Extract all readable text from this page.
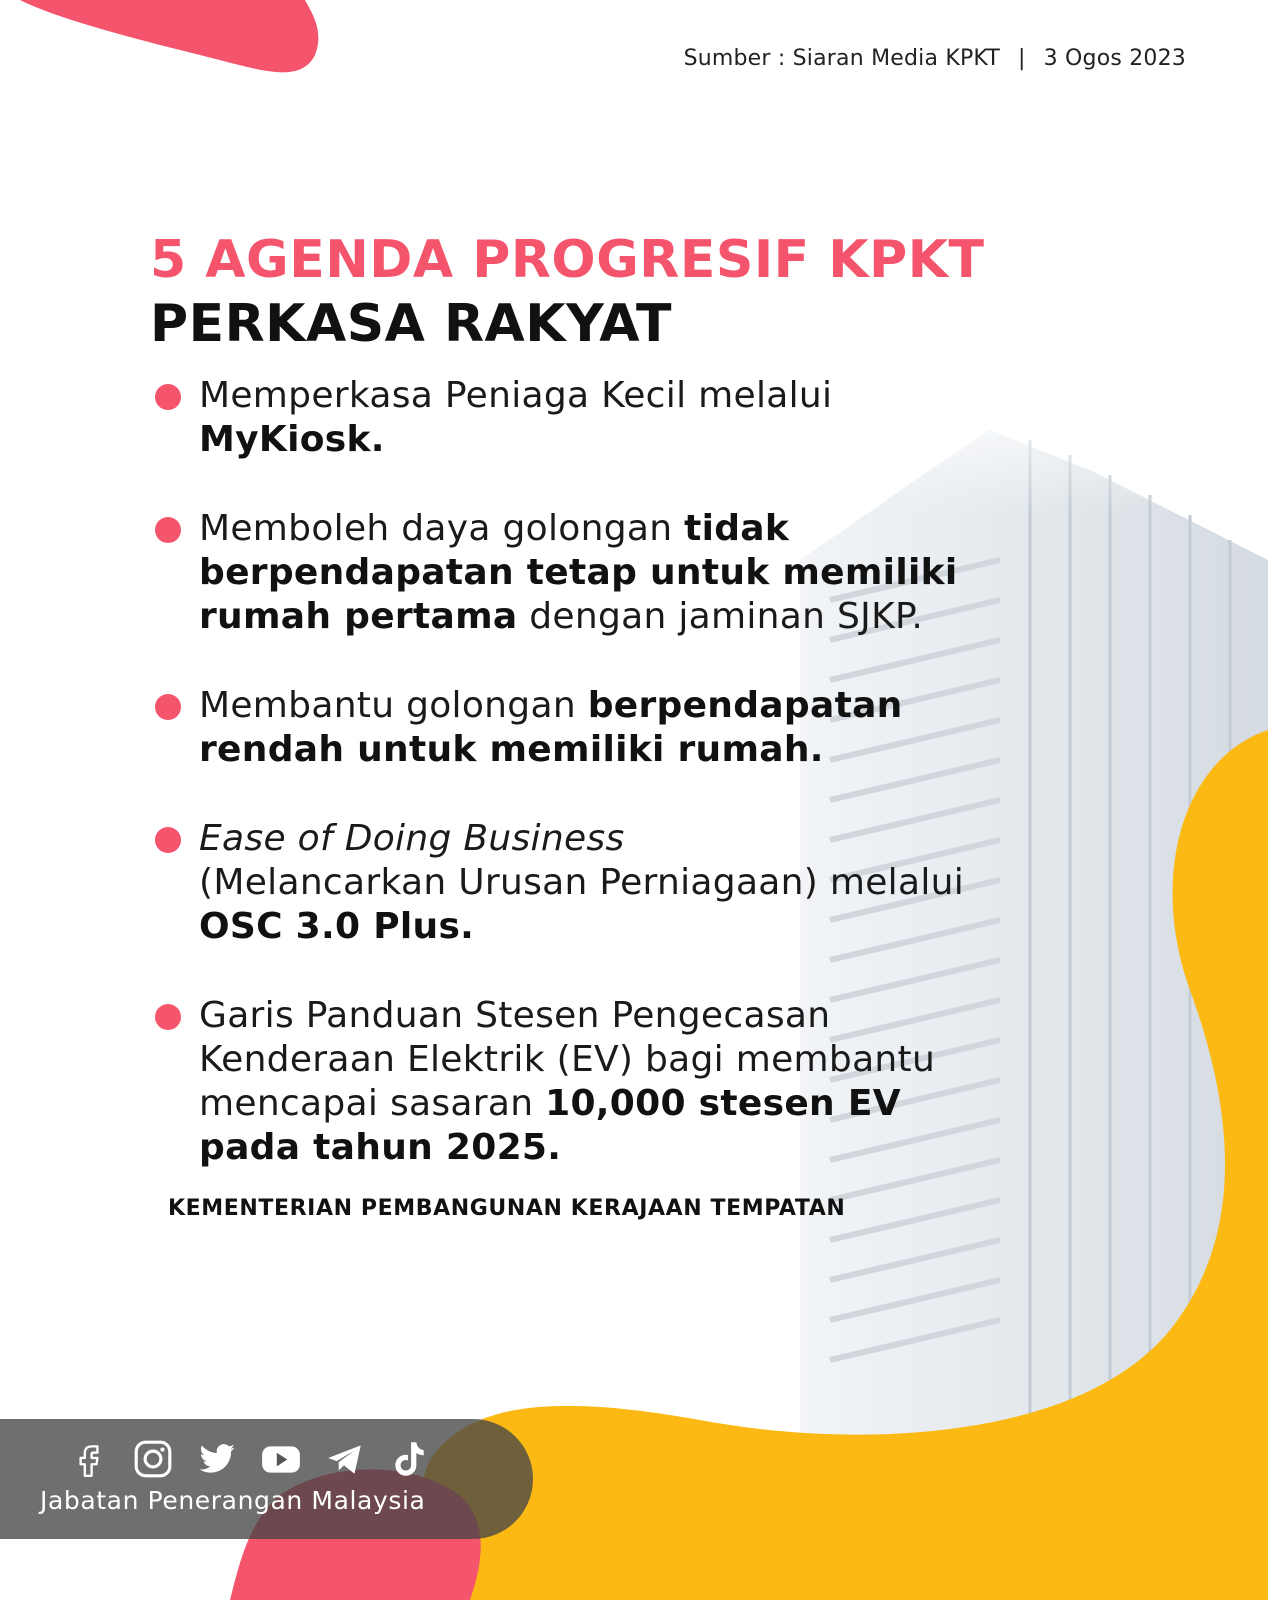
Sumber : Siaran Media KPKT | 3 Ogos 2023
5 AGENDA PROGRESIF KPKT
PERKASA RAKYAT
Memperkasa Peniaga Kecil melalui
MyKiosk.
Memboleh daya golongan tidak berpendapatan tetap untuk memiliki rumah pertama dengan jaminan SJKP.
Membantu golongan berpendapatan rendah untuk memiliki rumah.
Ease of Doing Business
(Melancarkan Urusan Perniagaan) melalui OSC 3.0 Plus.
Garis Panduan Stesen Pengecasan Kenderaan Elektrik (EV) bagi membantu mencapai sasaran 10,000 stesen EV pada tahun 2025.
KEMENTERIAN PEMBANGUNAN KERAJAAN TEMPATAN
Jabatan Penerangan Malaysia
